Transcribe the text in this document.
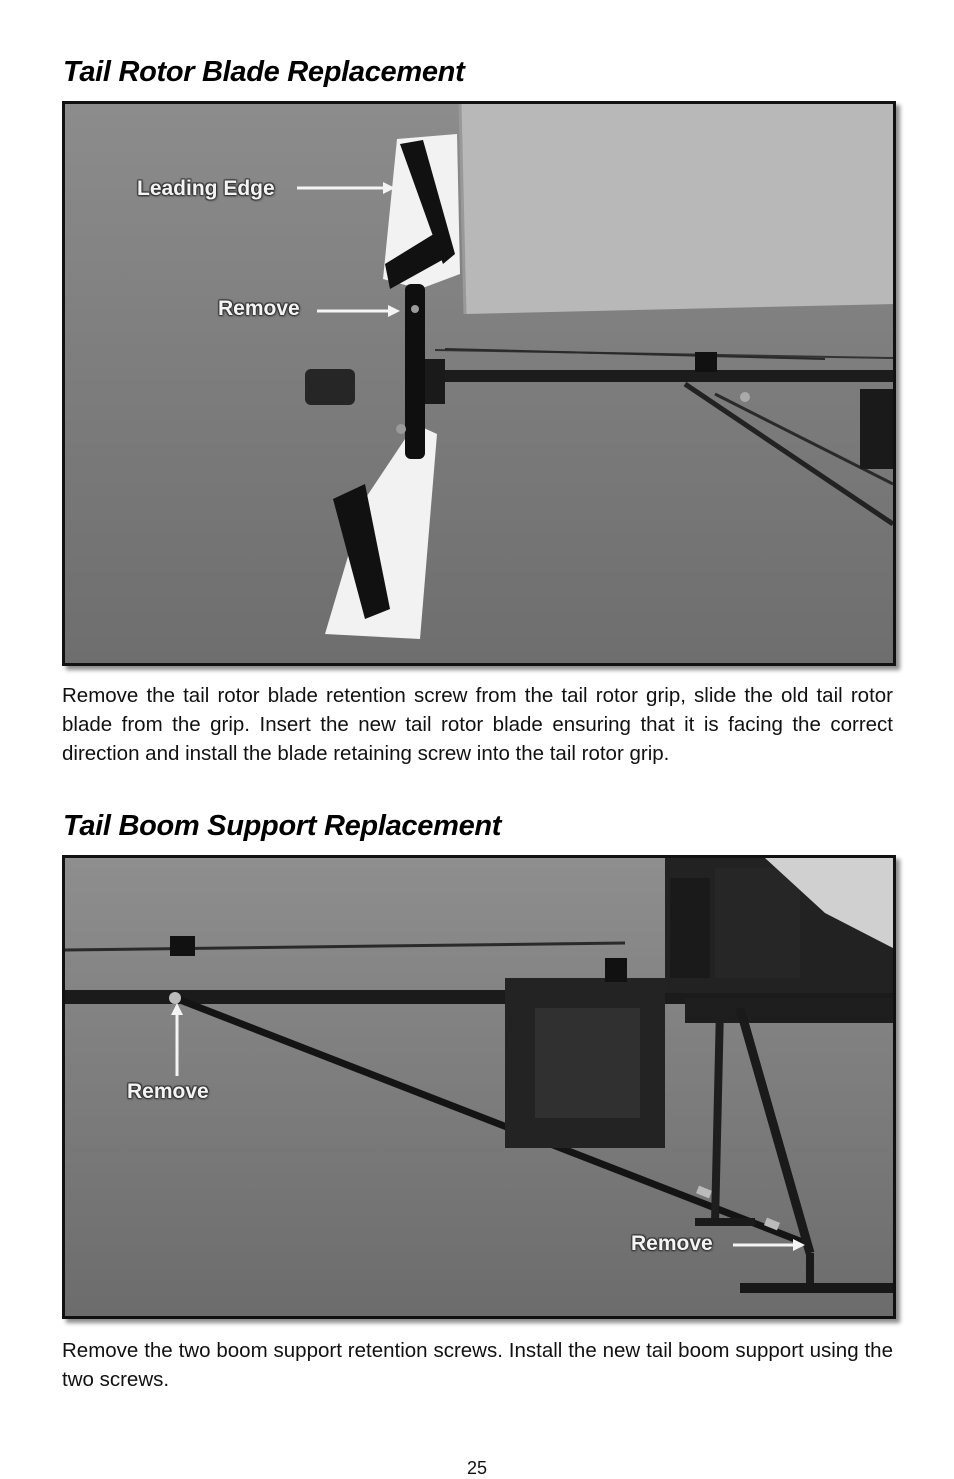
Tail Rotor Blade Replacement
Leading Edge
Remove

Remove the tail rotor blade retention screw from the tail rotor grip, slide the old tail rotor blade from the grip. Insert the new tail rotor blade ensuring that it is facing the correct direction and install the blade retaining screw into the tail rotor grip.

Tail Boom Support Replacement
Remove
Remove

Remove the two boom support retention screws. Install the new tail boom support using the two screws.

25
